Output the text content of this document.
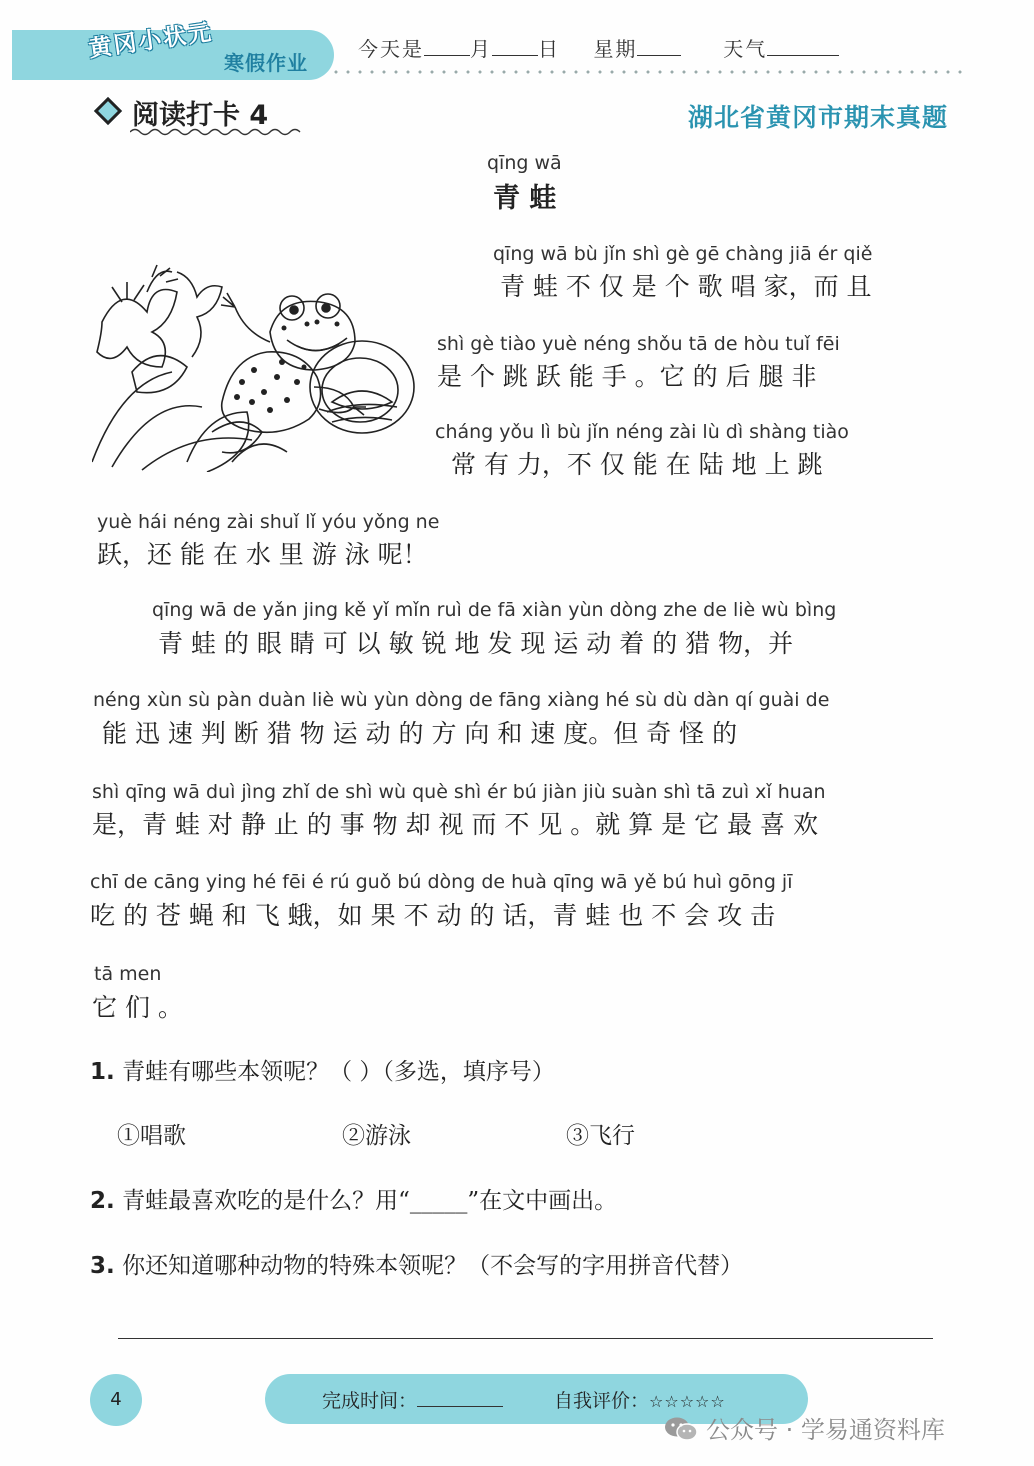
黄冈小状元
寒假作业
今天是 月 日 星期	天气
阅读打卡 4	湖北省黄冈市期末真题
qīng wā
青 蛙
qīng wā bù jǐn shì gè gē chàng jiā ér qiě
青 蛙 不 仅 是 个 歌 唱 家，而 且
shì gè tiào yuè néng shǒu tā de hòu tuǐ fēi
是 个 跳 跃 能 手 。它 的 后 腿 非
cháng yǒu lì bù jǐn néng zài lù dì shàng tiào
常 有 力，不 仅 能 在 陆 地 上 跳
yuè hái néng zài shuǐ lǐ yóu yǒng ne
跃，还 能 在 水 里 游 泳 呢！
qīng wā de yǎn jing kě yǐ mǐn ruì de fā xiàn yùn dòng zhe de liè wù bìng
青 蛙 的 眼 睛 可 以 敏 锐 地 发 现 运 动 着 的 猎 物，并
néng xùn sù pàn duàn liè wù yùn dòng de fāng xiàng hé sù dù dàn qí guài de
能 迅 速 判 断 猎 物 运 动 的 方 向 和 速 度。但 奇 怪 的
shì qīng wā duì jìng zhǐ de shì wù què shì ér bú jiàn jiù suàn shì tā zuì xǐ huan
是，青 蛙 对 静 止 的 事 物 却 视 而 不 见 。就 算 是 它 最 喜 欢
chī de cāng ying hé fēi é rú guǒ bú dòng de huà qīng wā yě bú huì gōng jī
吃 的 苍 蝇 和 飞 蛾，如 果 不 动 的 话，青 蛙 也 不 会 攻 击
tā men
它 们 。
1. 青蛙有哪些本领呢？（ ）（多选，填序号）
①唱歌	②游泳	③飞行
2. 青蛙最喜欢吃的是什么？用“_____”在文中画出。
3. 你还知道哪种动物的特殊本领呢？（不会写的字用拼音代替）
4	完成时间：	自我评价：☆☆☆☆☆
公众号 · 学易通资料库
